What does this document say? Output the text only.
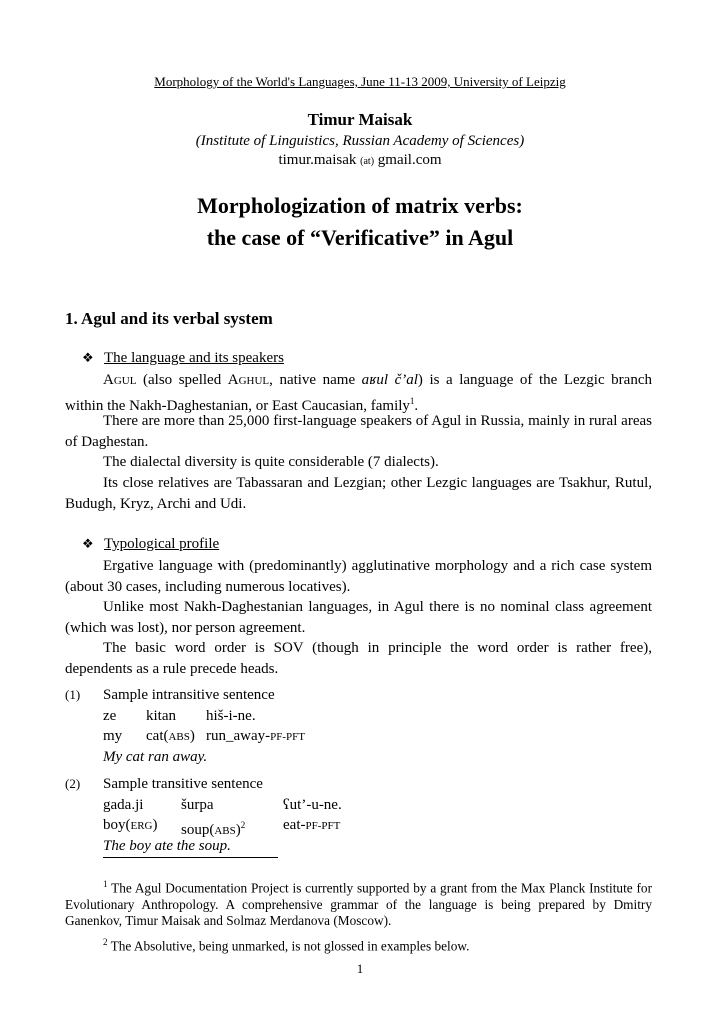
Morphology of the World's Languages, June 11-13 2009, University of Leipzig
Timur Maisak
(Institute of Linguistics, Russian Academy of Sciences)
timur.maisak (at) gmail.com
Morphologization of matrix verbs:
the case of “Verificative” in Agul
1. Agul and its verbal system
❖ The language and its speakers

Agul (also spelled Aghul, native name aʁul č’al) is a language of the Lezgic branch within the Nakh-Daghestanian, or East Caucasian, family$^1$.

There are more than 25,000 first-language speakers of Agul in Russia, mainly in rural areas of Daghestan.

The dialectal diversity is quite considerable (7 dialects).

Its close relatives are Tabassaran and Lezgian; other Lezgic languages are Tsakhur, Rutul, Budugh, Kryz, Archi and Udi.

❖ Typological profile

Ergative language with (predominantly) agglutinative morphology and a rich case system (about 30 cases, including numerous locatives).

Unlike most Nakh-Daghestanian languages, in Agul there is no nominal class agreement (which was lost), nor person agreement.

The basic word order is SOV (though in principle the word order is rather free), dependents as a rule precede heads.

(1) Sample intransitive sentence
ze kitan hiš-i-ne.
my cat(ABS) run_away-PF-PFT
My cat ran away.
(2) Sample transitive sentence
gada.ji	šurpa	ʕut’-u-ne.
boy(ERG) soup(ABS)$^2$	eat-PF-PFT
The boy ate the soup.

$^1$ The Agul Documentation Project is currently supported by a grant from the Max Planck Institute for Evolutionary Anthropology. A comprehensive grammar of the language is being prepared by Dmitry Ganenkov, Timur Maisak and Solmaz Merdanova (Moscow).

$^2$ The Absolutive, being unmarked, is not glossed in examples below.

1
